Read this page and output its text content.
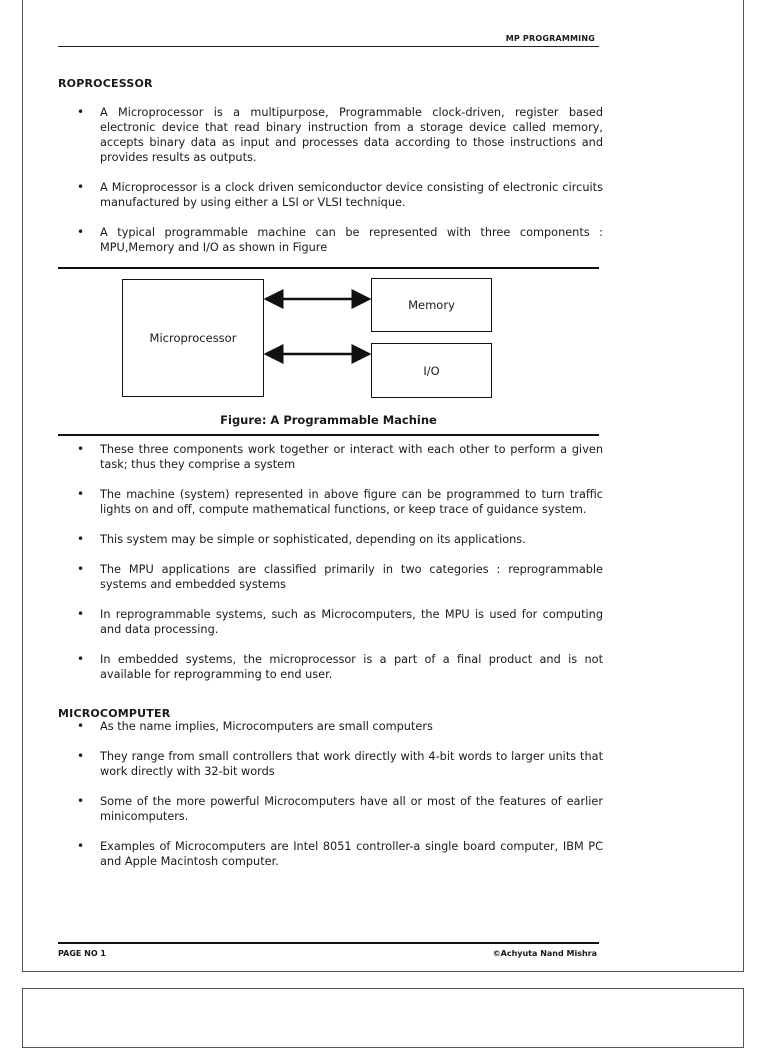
MP PROGRAMMING
ROPROCESSOR
• A Microprocessor is a multipurpose, Programmable clock-driven, register based electronic device that read binary instruction from a storage device called memory, accepts binary data as input and processes data according to those instructions and provides results as outputs.
• A Microprocessor is a clock driven semiconductor device consisting of electronic circuits manufactured by using either a LSI or VLSI technique.
• A typical programmable machine can be represented with three components : MPU,Memory and I/O as shown in Figure
Microprocessor
Memory
I/O
Figure: A Programmable Machine
• These three components work together or interact with each other to perform a given task; thus they comprise a system
• The machine (system) represented in above figure can be programmed to turn traffic lights on and off, compute mathematical functions, or keep trace of guidance system.
• This system may be simple or sophisticated, depending on its applications.
• The MPU applications are classified primarily in two categories : reprogrammable systems and embedded systems
• In reprogrammable systems, such as Microcomputers, the MPU is used for computing and data processing.
• In embedded systems, the microprocessor is a part of a final product and is not available for reprogramming to end user.
MICROCOMPUTER
• As the name implies, Microcomputers are small computers
• They range from small controllers that work directly with 4-bit words to larger units that work directly with 32-bit words
• Some of the more powerful Microcomputers have all or most of the features of earlier minicomputers.
• Examples of Microcomputers are Intel 8051 controller-a single board computer, IBM PC and Apple Macintosh computer.
PAGE NO 1	©Achyuta Nand Mishra
